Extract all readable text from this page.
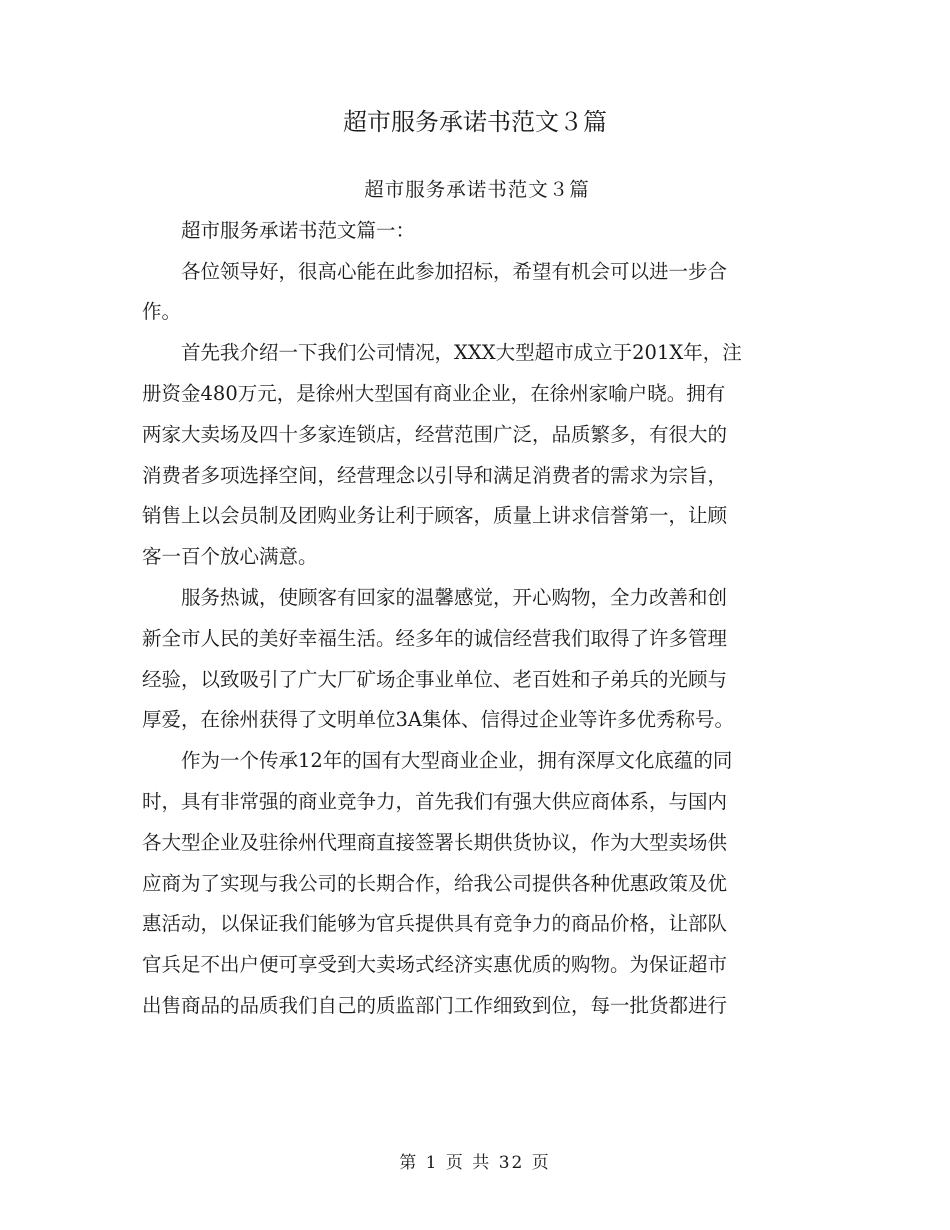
超市服务承诺书范文３篇

超市服务承诺书范文３篇

超市服务承诺书范文篇一：

各位领导好，很高心能在此参加招标，希望有机会可以进一步合
作。

首先我介绍一下我们公司情况，XXX大型超市成立于201X年，注
册资金480万元，是徐州大型国有商业企业，在徐州家喻户晓。拥有
两家大卖场及四十多家连锁店，经营范围广泛，品质繁多，有很大的
消费者多项选择空间，经营理念以引导和满足消费者的需求为宗旨，
销售上以会员制及团购业务让利于顾客，质量上讲求信誉第一，让顾
客一百个放心满意。

服务热诚，使顾客有回家的温馨感觉，开心购物，全力改善和创
新全市人民的美好幸福生活。经多年的诚信经营我们取得了许多管理
经验，以致吸引了广大厂矿场企事业单位、老百姓和子弟兵的光顾与
厚爱，在徐州获得了文明单位3A集体、信得过企业等许多优秀称号。

作为一个传承12年的国有大型商业企业，拥有深厚文化底蕴的同
时，具有非常强的商业竞争力，首先我们有强大供应商体系，与国内
各大型企业及驻徐州代理商直接签署长期供货协议，作为大型卖场供
应商为了实现与我公司的长期合作，给我公司提供各种优惠政策及优
惠活动，以保证我们能够为官兵提供具有竞争力的商品价格，让部队
官兵足不出户便可享受到大卖场式经济实惠优质的购物。为保证超市
出售商品的品质我们自己的质监部门工作细致到位，每一批货都进行

第 1 页 共 32 页
